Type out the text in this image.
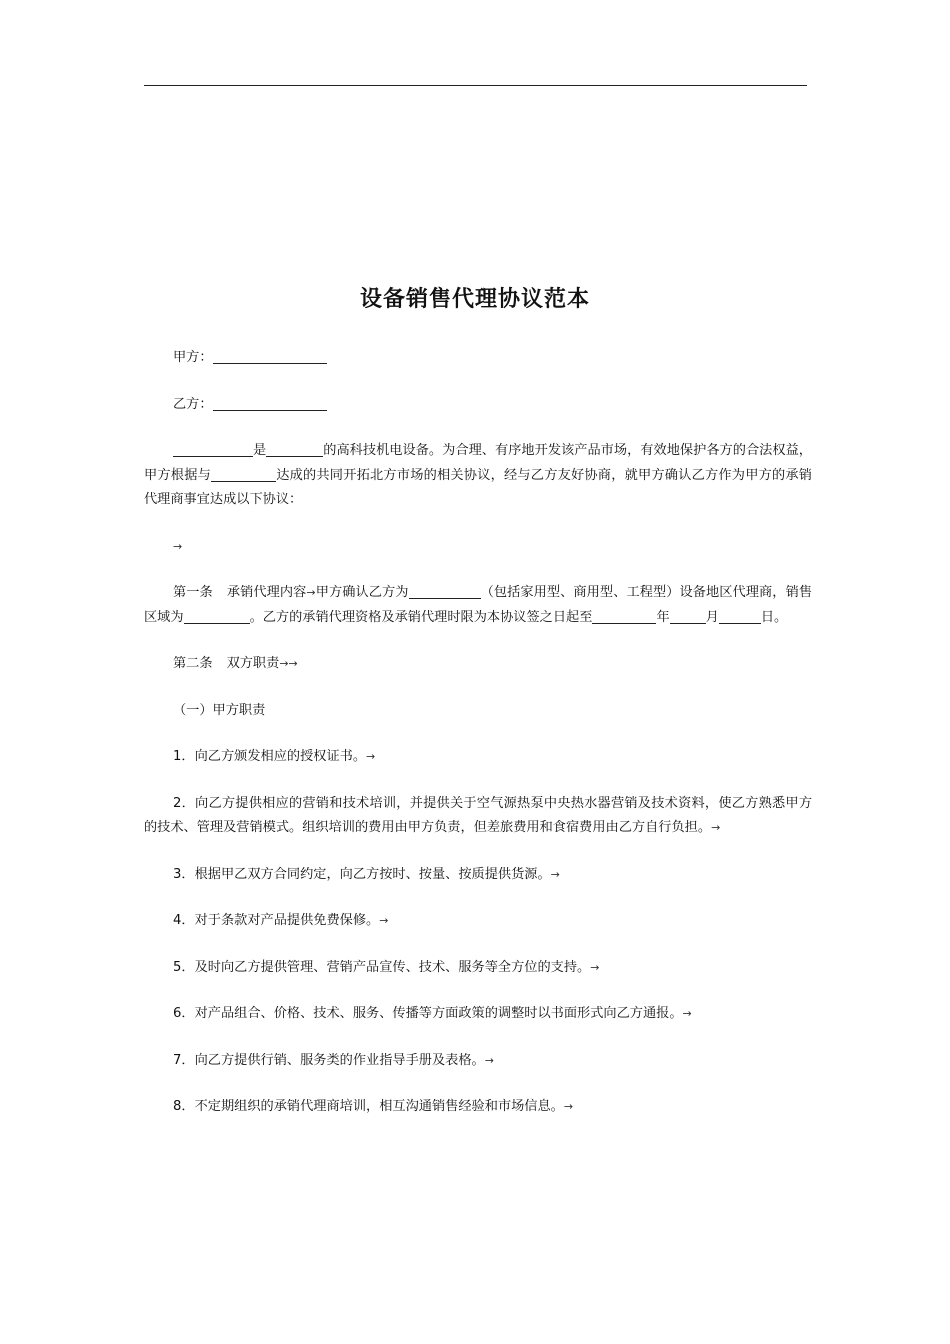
设备销售代理协议范本

甲方：

乙方：

是	的高科技机电设备。为合理、有序地开发该产品市场，有效地保护各方的合法权益，甲方根据与	达成的共同开拓北方市场的相关协议，经与乙方友好协商，就甲方确认乙方作为甲方的承销代理商事宜达成以下协议：

→

第一条 承销代理内容→甲方确认乙方为	（包括家用型、商用型、工程型）设备地区代理商，销售区域为	。乙方的承销代理资格及承销代理时限为本协议签之日起至	年	月	日。

第二条 双方职责→→

（一）甲方职责

1．向乙方颁发相应的授权证书。→

2．向乙方提供相应的营销和技术培训，并提供关于空气源热泵中央热水器营销及技术资料，使乙方熟悉甲方的技术、管理及营销模式。组织培训的费用由甲方负责，但差旅费用和食宿费用由乙方自行负担。→

3．根据甲乙双方合同约定，向乙方按时、按量、按质提供货源。→

4．对于条款对产品提供免费保修。→

5．及时向乙方提供管理、营销产品宣传、技术、服务等全方位的支持。→

6．对产品组合、价格、技术、服务、传播等方面政策的调整时以书面形式向乙方通报。→

7．向乙方提供行销、服务类的作业指导手册及表格。→

8．不定期组织的承销代理商培训，相互沟通销售经验和市场信息。→
